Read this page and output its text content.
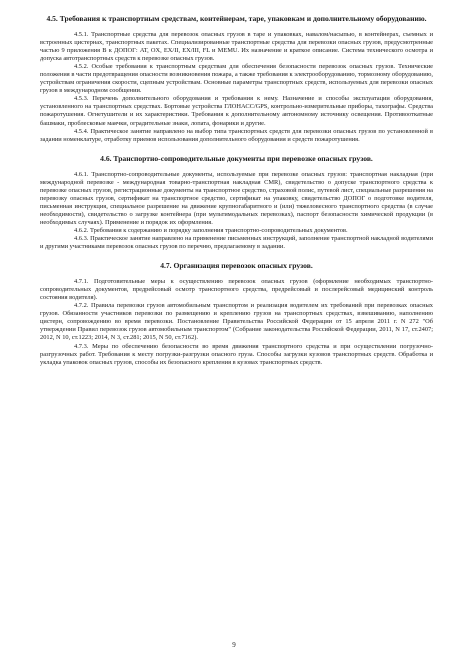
4.5. Требования к транспортным средствам, контейнерам, таре, упаковкам и дополнительному оборудованию.

4.5.1. Транспортные средства для перевозок опасных грузов в таре и упаковках, навалом/насыпью, в контейнерах, съемных и встроенных цистернах, транспортных пакетах. Специализированные транспортные средства для перевозки опасных грузов, предусмотренные частью 9 приложения В к ДОПОГ: AT, OX, EX/II, EX/III, FL и MEMU. Их назначение и краткое описание. Система технического осмотра и допуска автотранспортных средств к перевозке опасных грузов.

4.5.2. Особые требования к транспортным средствам для обеспечения безопасности перевозок опасных грузов. Технические положения в части предотвращения опасности возникновения пожара, а также требования к электрооборудованию, тормозному оборудованию, устройствам ограничения скорости, сцепным устройствам. Основные параметры транспортных средств, используемых для перевозки опасных грузов в международном сообщении.

4.5.3. Перечень дополнительного оборудования и требования к нему. Назначение и способы эксплуатации оборудования, установленного на транспортных средствах. Бортовые устройства ГЛОНАСС/GPS, контрольно-измерительные приборы, тахографы. Средства пожаротушения. Огнетушители и их характеристики. Требования к дополнительному автономному источнику освещения. Противооткатные башмаки, проблесковые маячки, оградительные знаки, лопата, фонарики и другие.

4.5.4. Практическое занятие направлено на выбор типа транспортных средств для перевозки опасных грузов по установленной в задании номенклатуре, отработку приемов использования дополнительного оборудования и средств пожаротушения.

4.6. Транспортно-сопроводительные документы при перевозке опасных грузов.

4.6.1. Транспортно-сопроводительные документы, используемые при перевозке опасных грузов: транспортная накладная (при международной перевозке - международная товарно-транспортная накладная CMR), свидетельство о допуске транспортного средства к перевозке опасных грузов, регистрационные документы на транспортное средство, страховой полис, путевой лист, специальные разрешения на перевозку опасных грузов, сертификат на транспортное средство, сертификат на упаковку, свидетельство ДОПОГ о подготовке водителя, письменная инструкция, специальное разрешение на движение крупногабаритного и (или) тяжеловесного транспортного средства (в случае необходимости), свидетельство о загрузке контейнера (при мультимодальных перевозках), паспорт безопасности химической продукции (в необходимых случаях). Применение и порядок их оформления.

4.6.2. Требования к содержанию и порядку заполнения транспортно-сопроводительных документов.

4.6.3. Практическое занятие направлено на применение письменных инструкций, заполнение транспортной накладной водителями и другими участниками перевозок опасных грузов по перечню, предлагаемому в задании.

4.7. Организация перевозок опасных грузов.

4.7.1. Подготовительные меры к осуществлению перевозок опасных грузов (оформление необходимых транспортно-сопроводительных документов, предрейсовый осмотр транспортного средства, предрейсовый и послерейсовый медицинский контроль состояния водителя).

4.7.2. Правила перевозки грузов автомобильным транспортом и реализация водителем их требований при перевозках опасных грузов. Обязанности участников перевозки по размещению и креплению грузов на транспортных средствах, взвешиванию, наполнению цистерн, сопровождению во время перевозки. Постановление Правительства Российской Федерации от 15 апреля 2011 г. N 272 "Об утверждении Правил перевозок грузов автомобильным транспортом" (Собрание законодательства Российской Федерации, 2011, N 17, ст.2407; 2012, N 10, ст.1223; 2014, N 3, ст.281; 2015, N 50, ст.7162).

4.7.3. Меры по обеспечению безопасности во время движения транспортного средства и при осуществлении погрузочно-разгрузочных работ. Требования к месту погрузки-разгрузки опасного груза. Способы загрузки кузовов транспортных средств. Обработка и укладка упаковок опасных грузов, способы их безопасного крепления в кузовах транспортных средств.

9
